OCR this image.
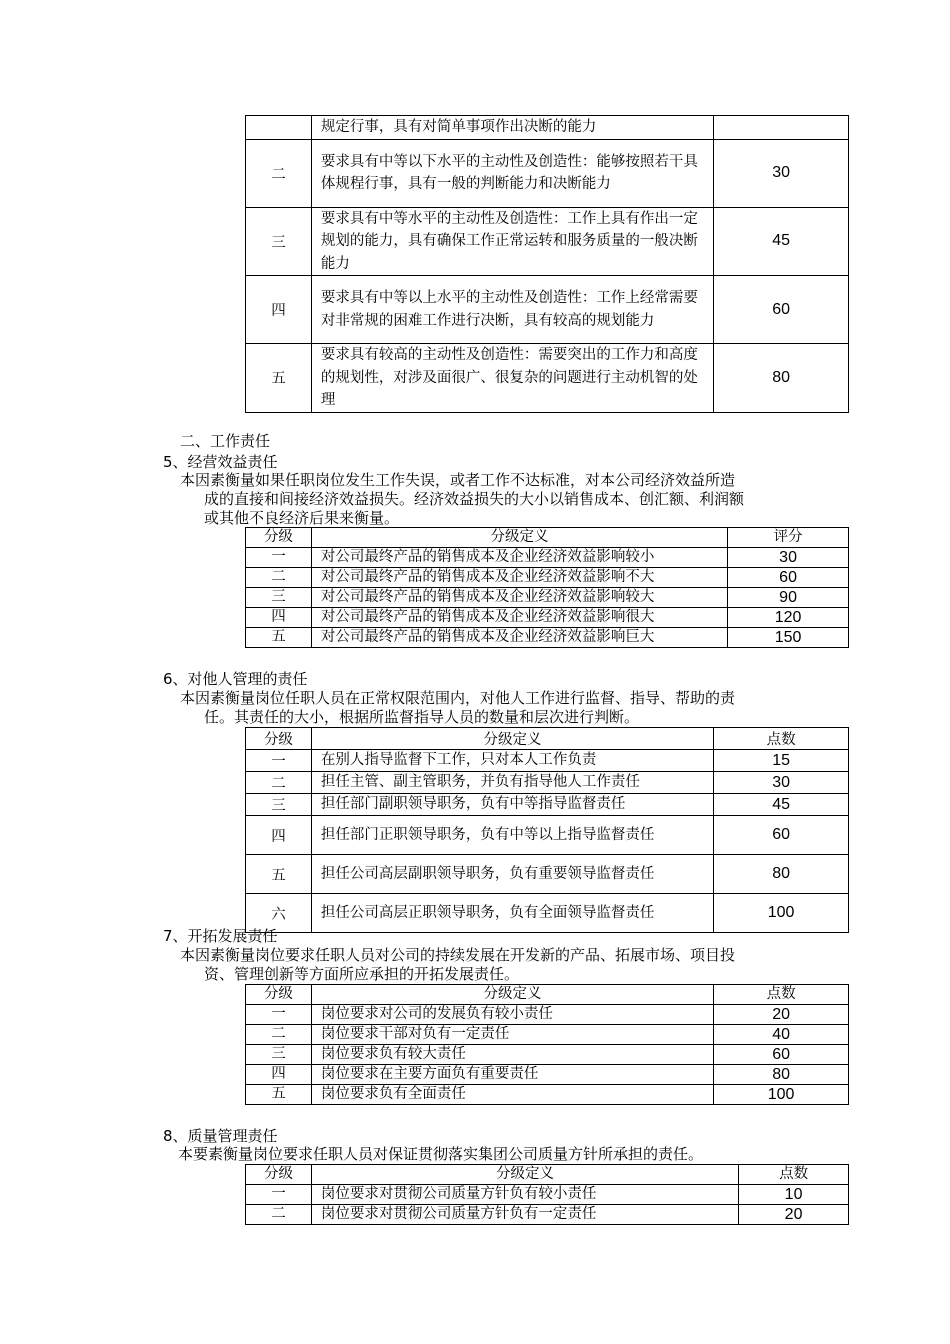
	规定行事，具有对简单事项作出决断的能力	
二	要求具有中等以下水平的主动性及创造性：能够按照若干具体规程行事，具有一般的判断能力和决断能力	30
三	要求具有中等水平的主动性及创造性：工作上具有作出一定规划的能力，具有确保工作正常运转和服务质量的一般决断能力	45
四	要求具有中等以上水平的主动性及创造性：工作上经常需要对非常规的困难工作进行决断，具有较高的规划能力	60
五	要求具有较高的主动性及创造性：需要突出的工作力和高度的规划性，对涉及面很广、很复杂的问题进行主动机智的处理	80
二、工作责任
5、经营效益责任
本因素衡量如果任职岗位发生工作失误，或者工作不达标准，对本公司经济效益所造
成的直接和间接经济效益损失。经济效益损失的大小以销售成本、创汇额、利润额
或其他不良经济后果来衡量。
分级	分级定义	评分
一	对公司最终产品的销售成本及企业经济效益影响较小	30
二	对公司最终产品的销售成本及企业经济效益影响不大	60
三	对公司最终产品的销售成本及企业经济效益影响较大	90
四	对公司最终产品的销售成本及企业经济效益影响很大	120
五	对公司最终产品的销售成本及企业经济效益影响巨大	150
6、对他人管理的责任
本因素衡量岗位任职人员在正常权限范围内，对他人工作进行监督、指导、帮助的责
任。其责任的大小，根据所监督指导人员的数量和层次进行判断。
分级	分级定义	点数
一	在别人指导监督下工作，只对本人工作负责	15
二	担任主管、副主管职务，并负有指导他人工作责任	30
三	担任部门副职领导职务，负有中等指导监督责任	45
四	担任部门正职领导职务，负有中等以上指导监督责任	60
五	担任公司高层副职领导职务，负有重要领导监督责任	80
六	担任公司高层正职领导职务，负有全面领导监督责任	100
7、开拓发展责任
本因素衡量岗位要求任职人员对公司的持续发展在开发新的产品、拓展市场、项目投
资、管理创新等方面所应承担的开拓发展责任。
分级	分级定义	点数
一	岗位要求对公司的发展负有较小责任	20
二	岗位要求干部对负有一定责任	40
三	岗位要求负有较大责任	60
四	岗位要求在主要方面负有重要责任	80
五	岗位要求负有全面责任	100
8、质量管理责任
本要素衡量岗位要求任职人员对保证贯彻落实集团公司质量方针所承担的责任。
分级	分级定义	点数
一	岗位要求对贯彻公司质量方针负有较小责任	10
二	岗位要求对贯彻公司质量方针负有一定责任	20
